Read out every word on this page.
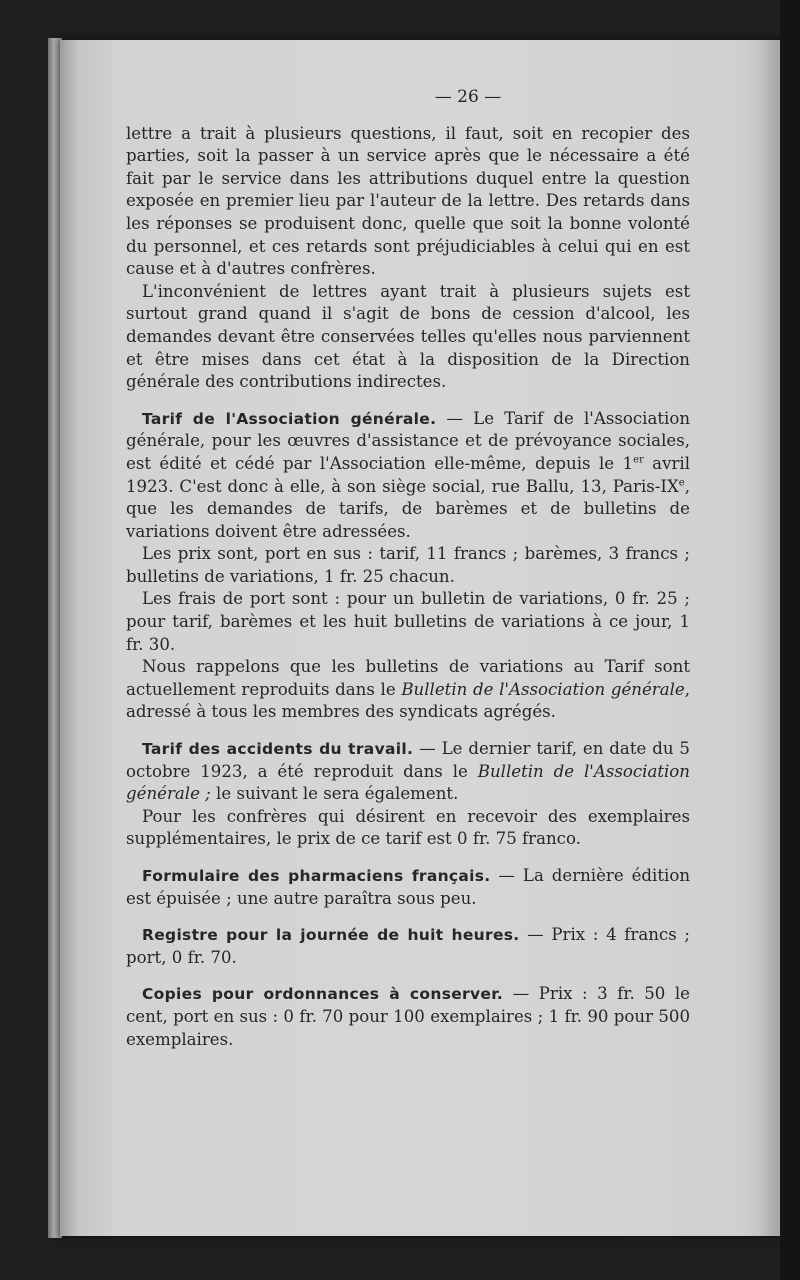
— 26 —

lettre a trait à plusieurs questions, il faut, soit en recopier des parties, soit la passer à un service après que le nécessaire a été fait par le service dans les attributions duquel entre la question exposée en premier lieu par l'auteur de la lettre. Des retards dans les réponses se produisent donc, quelle que soit la bonne volonté du personnel, et ces retards sont préjudiciables à celui qui en est cause et à d'autres confrères.

L'inconvénient de lettres ayant trait à plusieurs sujets est surtout grand quand il s'agit de bons de cession d'alcool, les demandes devant être conservées telles qu'elles nous parviennent et être mises dans cet état à la disposition de la Direction générale des contributions indirectes.

Tarif de l'Association générale. — Le Tarif de l'Association générale, pour les œuvres d'assistance et de prévoyance sociales, est édité et cédé par l'Association elle-même, depuis le 1er avril 1923. C'est donc à elle, à son siège social, rue Ballu, 13, Paris-IXe, que les demandes de tarifs, de barèmes et de bulletins de variations doivent être adressées.

Les prix sont, port en sus : tarif, 11 francs ; barèmes, 3 francs ; bulletins de variations, 1 fr. 25 chacun.

Les frais de port sont : pour un bulletin de variations, 0 fr. 25 ; pour tarif, barèmes et les huit bulletins de variations à ce jour, 1 fr. 30.

Nous rappelons que les bulletins de variations au Tarif sont actuellement reproduits dans le Bulletin de l'Association générale, adressé à tous les membres des syndicats agrégés.

Tarif des accidents du travail. — Le dernier tarif, en date du 5 octobre 1923, a été reproduit dans le Bulletin de l'Association générale ; le suivant le sera également.

Pour les confrères qui désirent en recevoir des exemplaires supplémentaires, le prix de ce tarif est 0 fr. 75 franco.

Formulaire des pharmaciens français. — La dernière édition est épuisée ; une autre paraîtra sous peu.

Registre pour la journée de huit heures. — Prix : 4 francs ; port, 0 fr. 70.

Copies pour ordonnances à conserver. — Prix : 3 fr. 50 le cent, port en sus : 0 fr. 70 pour 100 exemplaires ; 1 fr. 90 pour 500 exemplaires.
